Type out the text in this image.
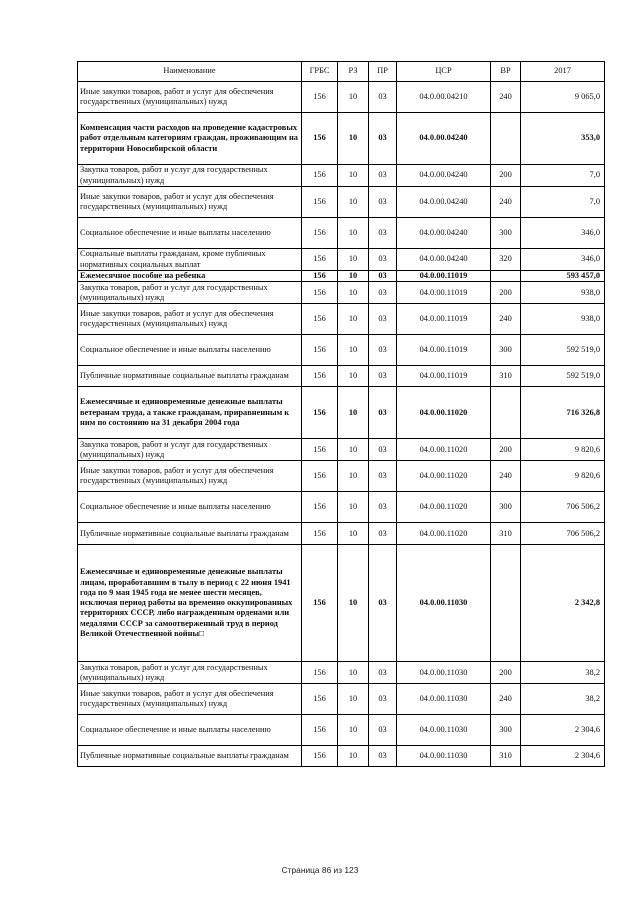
Наименование	ГРБС	РЗ	ПР	ЦСР	ВР	2017
Иные закупки товаров, работ и услуг для обеспечения государственных (муниципальных) нужд	156	10	03	04.0.00.04210	240	9 065,0
Компенсация части расходов на проведение кадастровых работ отдельным категориям граждан, проживающим на территории Новосибирской области	156	10	03	04.0.00.04240		353,0
Закупка товаров, работ и услуг для государственных (муниципальных) нужд	156	10	03	04.0.00.04240	200	7,0
Иные закупки товаров, работ и услуг для обеспечения государственных (муниципальных) нужд	156	10	03	04.0.00.04240	240	7,0
Социальное обеспечение и иные выплаты населению	156	10	03	04.0.00.04240	300	346,0
Социальные выплаты гражданам, кроме публичных нормативных социальных выплат	156	10	03	04.0.00.04240	320	346,0
Ежемесячное пособие на ребенка	156	10	03	04.0.00.11019		593 457,0
Закупка товаров, работ и услуг для государственных (муниципальных) нужд	156	10	03	04.0.00.11019	200	938,0
Иные закупки товаров, работ и услуг для обеспечения государственных (муниципальных) нужд	156	10	03	04.0.00.11019	240	938,0
Социальное обеспечение и иные выплаты населению	156	10	03	04.0.00.11019	300	592 519,0
Публичные нормативные социальные выплаты гражданам	156	10	03	04.0.00.11019	310	592 519,0
Ежемесячные и единовременные денежные выплаты ветеранам труда, а также гражданам, приравненным к ним по состоянию на 31 декабря 2004 года	156	10	03	04.0.00.11020		716 326,8
Закупка товаров, работ и услуг для государственных (муниципальных) нужд	156	10	03	04.0.00.11020	200	9 820,6
Иные закупки товаров, работ и услуг для обеспечения государственных (муниципальных) нужд	156	10	03	04.0.00.11020	240	9 820,6
Социальное обеспечение и иные выплаты населению	156	10	03	04.0.00.11020	300	706 506,2
Публичные нормативные социальные выплаты гражданам	156	10	03	04.0.00.11020	310	706 506,2
Ежемесячные и единовременные денежные выплаты лицам, проработавшим в тылу в период с 22 июня 1941 года по 9 мая 1945 года не менее шести месяцев, исключая период работы на временно оккупированных территориях СССР, либо награжденным орденами или медалями СССР за самоотверженный труд в период Великой Отечественной войны□	156	10	03	04.0.00.11030		2 342,8
Закупка товаров, работ и услуг для государственных (муниципальных) нужд	156	10	03	04.0.00.11030	200	38,2
Иные закупки товаров, работ и услуг для обеспечения государственных (муниципальных) нужд	156	10	03	04.0.00.11030	240	38,2
Социальное обеспечение и иные выплаты населению	156	10	03	04.0.00.11030	300	2 304,6
Публичные нормативные социальные выплаты гражданам	156	10	03	04.0.00.11030	310	2 304,6
Страница 86 из 123
